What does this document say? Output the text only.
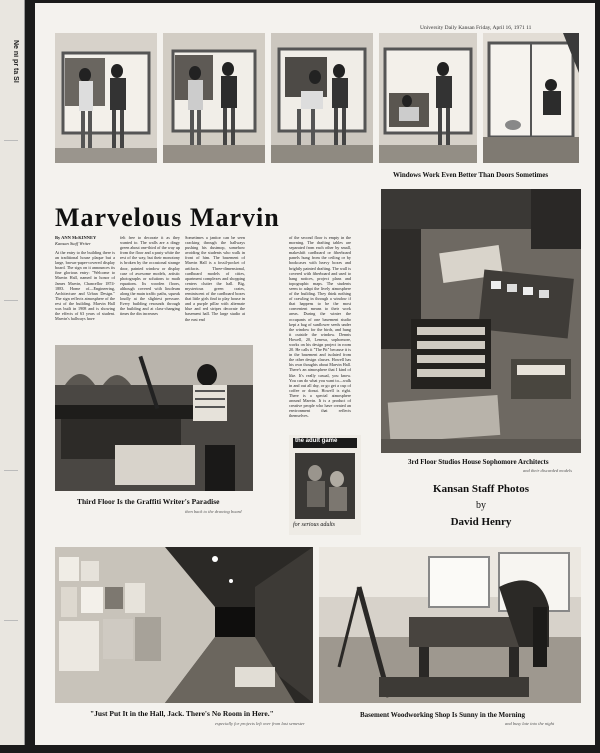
Ne ni pr ta Sl
University Daily Kansan Friday, April 16, 1971 11
Windows Work Even Better Than Doors Sometimes
Marvelous Marvin
By ANN McKINNEY
Kansan Staff Writer
At the entry to the building there is an traditional house plaque but a large, brown-paper-covered display board. The sign on it announces its fine glorious entry: "Welcome to Marvin Hall, named in honor of James Marvin, Chancellor 1874-1883. Home of—Engineering, Architecture and Urban Design." The sign reflects atmosphere of the rest of the building. Marvin Hall was built in 1908 and is showing the effects of 63 years of student. Marvin's hallways have
felt free to decorate it as they wanted to. The walls are a dingy green about one-third of the way up from the floor and a pasty white the rest of the way, but their monotony is broken by the occasional strange door, painted window or display case of awesome models, artistic photographs or solutions to math equations. Its wooden floors, although covered with linoleum along the main traffic paths, squeak loudly at the slightest pressure. Every building resounds through the building and at class-changing times the din increases
Sometimes a janitor can be seen cracking through the hallways pushing his dustmop, somehow avoiding the students who walk in front of him. The basement of Marvin Hall is a fossil-pocket of artifacts. Three-dimensional, cardboard models of cities, apartment complexes and shopping centers clutter the hall. Big, mysterious green crates, reminiscent of the cardboard boxes that little girls find to play house in and a purple pillar with alternate blue and red stripes decorate the basement hall. The large studio at the east end
of the second floor is empty in the morning. The drafting tables are separated from each other by small, makeshift cardboard or fiberboard panels hung from the ceiling or by bookcases with heavy boxes and brightly painted drafting. The wall is covered with fiberboard and used to hang notices, project plans and topographic maps. The students seem to adapt the lively atmosphere of the building. They think nothing of crawling in through a window if that happens to be the most convenient means to their work areas. During the winter the occupants of one basement studio kept a bag of sunflower seeds under the window for the birds, and hung it outside the window. Dennis Howell, 20, Lenexa, sophomore, works on his design project in room 20. He calls it "The Pit" because it is in the basement and isolated from the other design classes. Howell has his own thoughts about Marvin Hall. There's an atmosphere that I kind of like. It's really casual, you know. You can do what you want to—walk in and out all day, or go get a cup of coffee or donut. Howell is right. There is a special atmosphere around Marvin. It is a product of creative people who have created an environment that reflects themselves.
Third Floor Is the Graffiti Writer's Paradise
then back to the drawing board
the adult game
for serious adults
3rd Floor Studios House Sophomore Architects
and their discarded models
Kansan Staff Photos
by
David Henry
"Just Put It in the Hall, Jack. There's No Room in Here."
especially for projects left over from last semester
Basement Woodworking Shop Is Sunny in the Morning
and busy late into the night
